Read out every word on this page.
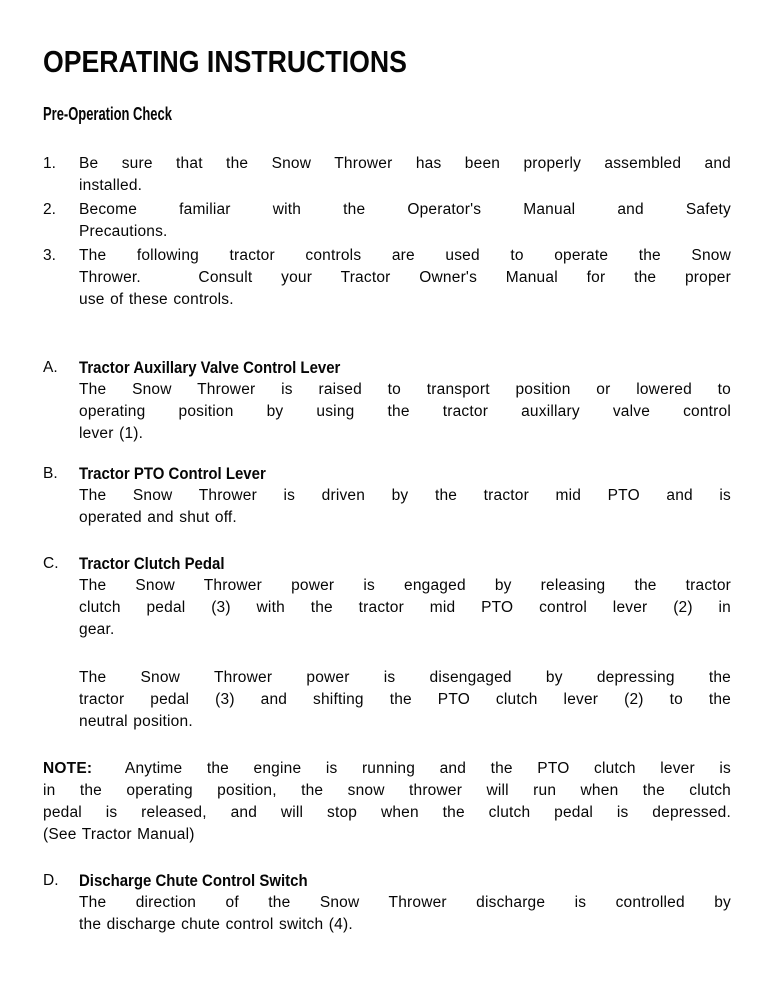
OPERATING INSTRUCTIONS
Pre-Operation Check
1.	Be sure that the Snow Thrower has been properly assembled and
installed.
2.	Become familiar with the Operator's Manual and Safety
Precautions.
3.	The following tractor controls are used to operate the Snow
Thrower.  Consult your Tractor Owner's Manual for the proper
use of these controls.
A.	Tractor Auxillary Valve Control Lever
The Snow Thrower is raised to transport position or lowered to
operating position by using the tractor auxillary valve control
lever (1).
B.	Tractor PTO Control Lever
The Snow Thrower is driven by the tractor mid PTO and is
operated and shut off.
C.	Tractor Clutch Pedal
The Snow Thrower power is engaged by releasing the tractor
clutch pedal (3) with the tractor mid PTO control lever (2) in
gear.
The Snow Thrower power is disengaged by depressing the
tractor pedal (3) and shifting the PTO clutch lever (2) to the
neutral position.
NOTE: Anytime the engine is running and the PTO clutch lever is
in the operating position, the snow thrower will run when the clutch
pedal is released, and will stop when the clutch pedal is depressed.
(See Tractor Manual)
D.	Discharge Chute Control Switch
The direction of the Snow Thrower discharge is controlled by
the discharge chute control switch (4).
